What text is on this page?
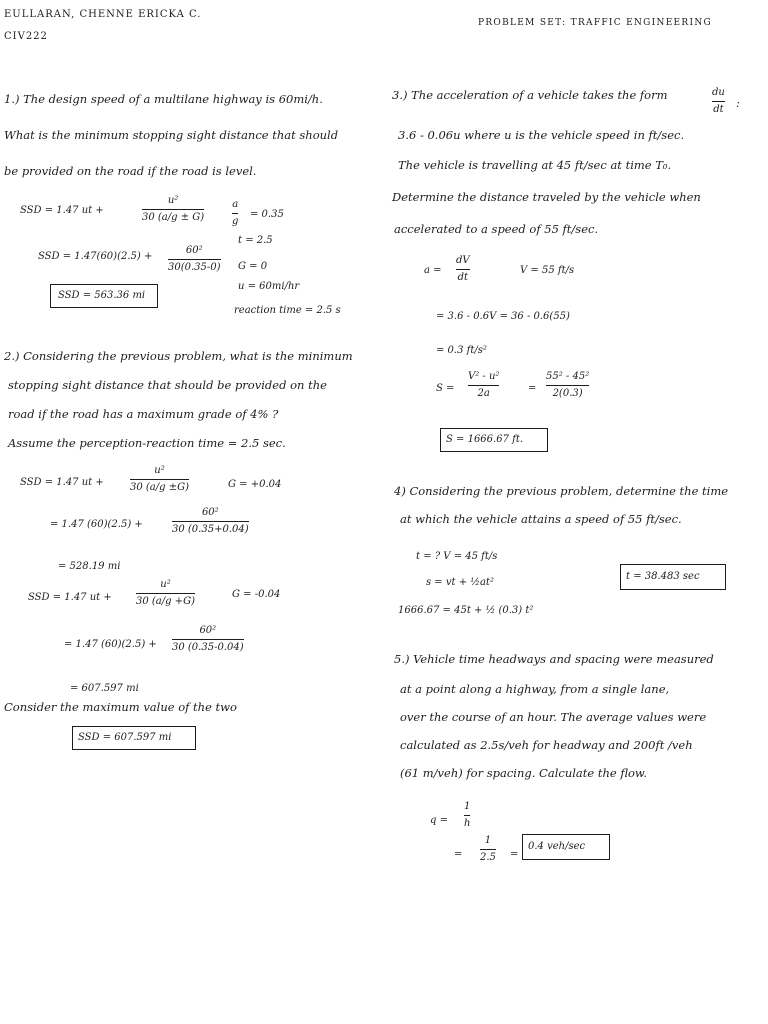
EULLARAN, CHENNE ERICKA C.
CIV222
PROBLEM SET: TRAFFIC ENGINEERING
1.) The design speed of a multilane highway is 60mi/h.
What is the minimum stopping sight distance that should
be provided on the road if the road is level.
SSD = 1.47 ut +
u²
30 (a/g ± G)
a
g
= 0.35
t = 2.5
SSD = 1.47(60)(2.5) +
60²
30(0.35-0) G = 0
u = 60mi/hr
reaction time = 2.5 s
SSD = 563.36 mi
2.) Considering the previous problem, what is the minimum
stopping sight distance that should be provided on the
road if the road has a maximum grade of 4% ?
Assume the perception-reaction time = 2.5 sec.
SSD = 1.47 ut +
u²
30 (a/g ±G)	G = +0.04
= 1.47 (60)(2.5) +
60²
30 (0.35+0.04)
= 528.19 mi
SSD = 1.47 ut +
u²
30 (a/g +G)
G = -0.04
= 1.47 (60)(2.5) +
60²
30 (0.35-0.04)
= 607.597 mi
Consider the maximum value of the two
SSD = 607.597 mi
3.) The acceleration of a vehicle takes the form	du
dt :
3.6 - 0.06u where u is the vehicle speed in ft/sec.
The vehicle is travelling at 45 ft/sec at time T₀.
Determine the distance traveled by the vehicle when
accelerated to a speed of 55 ft/sec.
a =
dV
dt
V = 55 ft/s
= 3.6 - 0.6V = 36 - 0.6(55)
= 0.3 ft/s²
S =
V² - u²
2a	=
55² - 45²
2(0.3)
S = 1666.67 ft.
4) Considering the previous problem, determine the time
at which the vehicle attains a speed of 55 ft/sec.
t = ? V = 45 ft/s
s = vt + ½at²
1666.67 = 45t + ½ (0.3) t²
t = 38.483 sec
5.) Vehicle time headways and spacing were measured
at a point along a highway, from a single lane,
over the course of an hour. The average values were
calculated as 2.5s/veh for headway and 200ft /veh
(61 m/veh) for spacing. Calculate the flow.
q =
1
h
=
1
2.5 =
0.4 veh/sec
